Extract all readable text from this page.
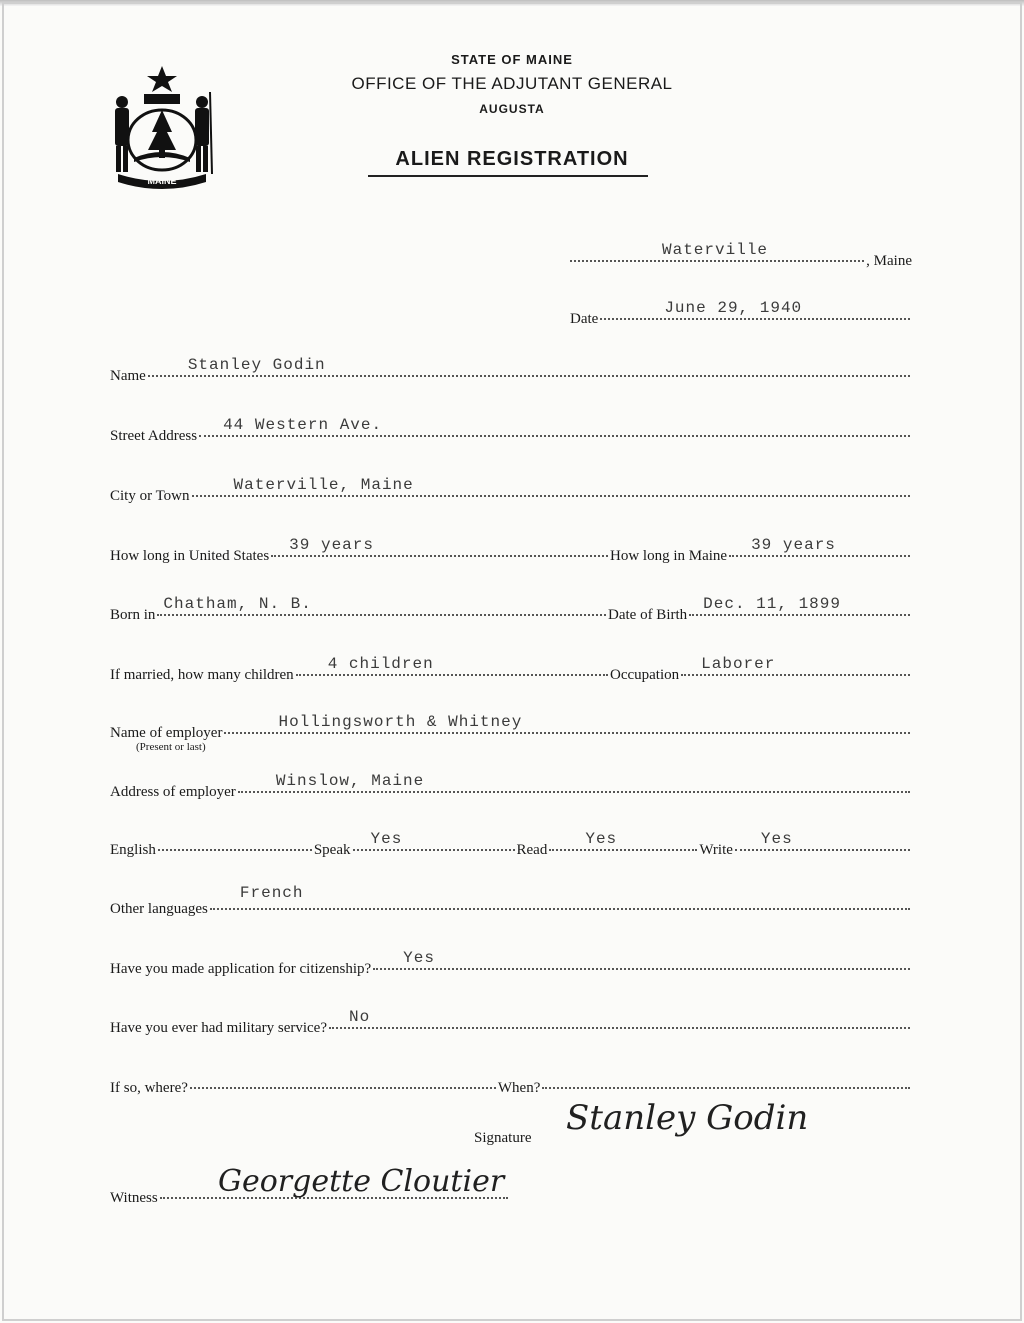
MAINE
STATE OF MAINE
OFFICE OF THE ADJUTANT GENERAL
AUGUSTA
ALIEN REGISTRATION
Waterville
, Maine
Date
June 29, 1940
Name
Stanley Godin
Street Address
44 Western Ave.
City or Town
Waterville, Maine
How long in United States
39 years
How long in Maine
39 years
Born in
Chatham, N. B.
Date of Birth
Dec. 11, 1899
If married, how many children
4 children
Occupation
Laborer
Name of employer
Hollingsworth & Whitney
(Present or last)
Address of employer
Winslow, Maine
English	Speak
Yes
Read
Yes
Write
Yes
Other languages
French
Have you made application for citizenship?
Yes
Have you ever had military service?
No
If so, where?	When?
Signature Stanley Godin
Witness Georgette Cloutier
